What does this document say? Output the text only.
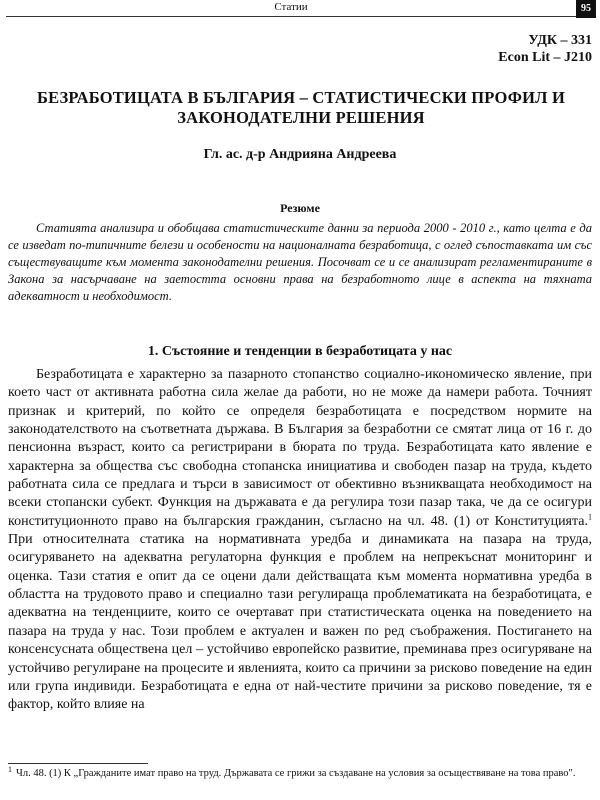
Статии	95
УДК – 331
Econ Lit – J210
БЕЗРАБОТИЦАТА В БЪЛГАРИЯ – СТАТИСТИЧЕСКИ ПРОФИЛ И ЗАКОНОДАТЕЛНИ РЕШЕНИЯ
Гл. ас. д-р Андрияна Андреева
Резюме

Статията анализира и обобщава статистическите данни за периода 2000 - 2010 г., като целта е да се изведат по-типичните белези и особености на националната безработица, с оглед съпоставката им със съществуващите към момента законодателни решения. Посочват се и се анализират регламентираните в Закона за насърчаване на заетостта основни права на безработното лице в аспекта на тяхната адекватност и необходимост.

1. Състояние и тенденции в безработицата у нас

Безработицата е характерно за пазарното стопанство социално-икономическо явление, при което част от активната работна сила желае да работи, но не може да намери работа. Точният признак и критерий, по който се определя безработицата е посредством нормите на законодателството на съответната държава. В България за безработни се смятат лица от 16 г. до пенсионна възраст, които са регистрирани в бюрата по труда. Безработицата като явление е характерна за общества със свободна стопанска инициатива и свободен пазар на труда, където работната сила се предлага и търси в зависимост от обективно възникващата необходимост на всеки стопански субект. Функция на държавата е да регулира този пазар така, че да се осигури конституционното право на българския гражданин, съгласно на чл. 48. (1) от Конституцията.$^1$ При относителната статика на нормативната уредба и динамиката на пазара на труда, осигуряването на адекватна регулаторна функция е проблем на непрекъснат мониторинг и оценка. Тази статия е опит да се оцени дали действащата към момента нормативна уредба в областта на трудовото право и специално тази регулираща проблематиката на безработицата, е адекватна на тенденциите, които се очертават при статистическата оценка на поведението на пазара на труда у нас. Този проблем е актуален и важен по ред съображения. Постигането на консенсусната обществена цел – устойчиво европейско развитие, преминава през осигуряване на устойчиво регулиране на процесите и явленията, които са причини за рисково поведение на един или група индивиди. Безработицата е една от най-честите причини за рисково поведение, тя е фактор, който влияе на

$^1$ Чл. 48. (1) К „Гражданите имат право на труд. Държавата се грижи за създаване на условия за осъществяване на това право".
